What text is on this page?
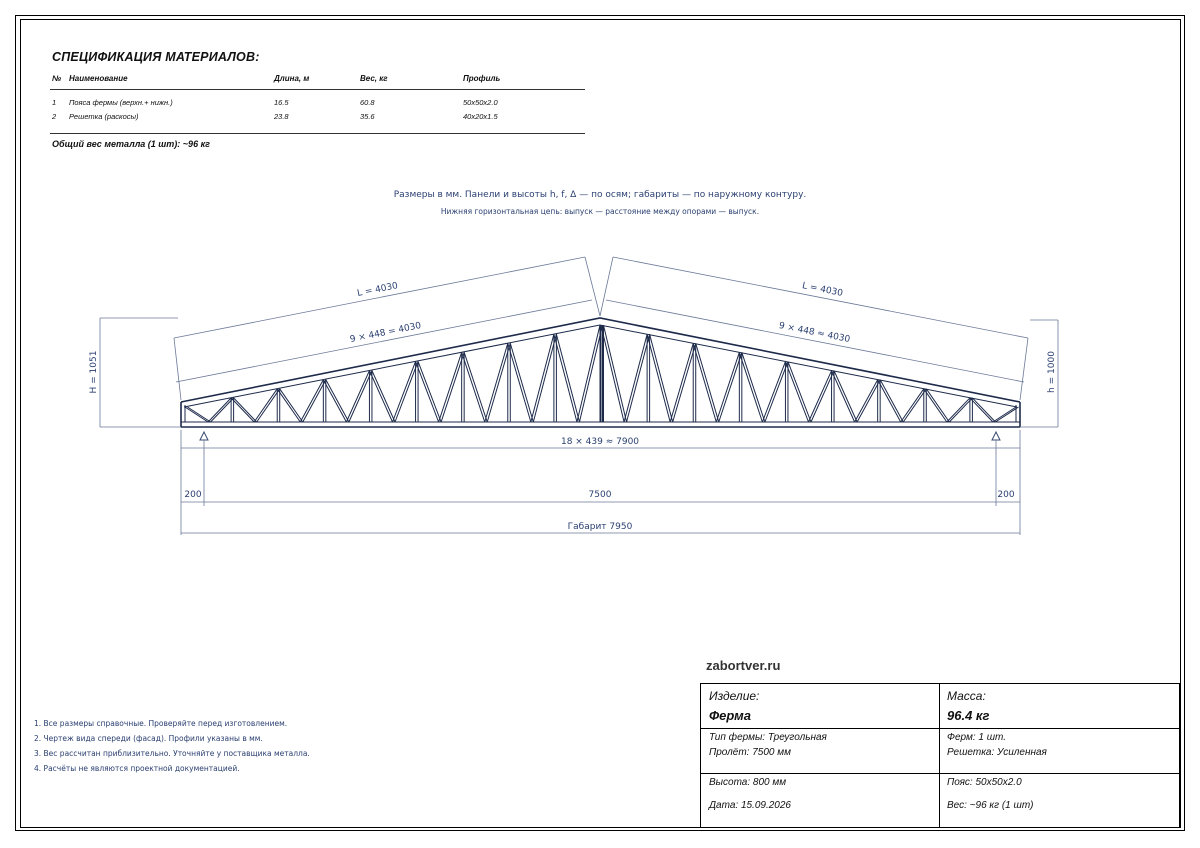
СПЕЦИФИКАЦИЯ МАТЕРИАЛОВ:
№	Наименование	Длина, м	Вес, кг	Профиль

1	Пояса фермы (верхн.+ нижн.)	16.5	60.8	50x50x2.0
2	Решетка (раскосы)	23.8	35.6	40x20x1.5

Общий вес металла (1 шт): ~96 кг
Размеры в мм. Панели и высоты h, f, Δ — по осям; габариты — по наружному контуру.
Нижняя горизонтальная цепь: выпуск — расстояние между опорами — выпуск.
L = 4030
9 × 448 = 4030
L = 4030
9 × 448 ≈ 4030
H = 1051	h = 1000
18 × 439 ≈ 7900
200	7500	200
Габарит 7950
zabortver.ru
1. Все размеры справочные. Проверяйте перед изготовлением.
2. Чертеж вида спереди (фасад). Профили указаны в мм.
3. Вес рассчитан приблизительно. Уточняйте у поставщика металла.
4. Расчёты не являются проектной документацией.
Изделие:
Ферма
Масса:
96.4 кг
Тип фермы: Треугольная
Пролёт: 7500 мм
Ферм: 1 шт.
Решетка: Усиленная
Высота: 800 мм
Дата: 15.09.2026
Пояс: 50x50x2.0
Вес: ~96 кг (1 шт)
